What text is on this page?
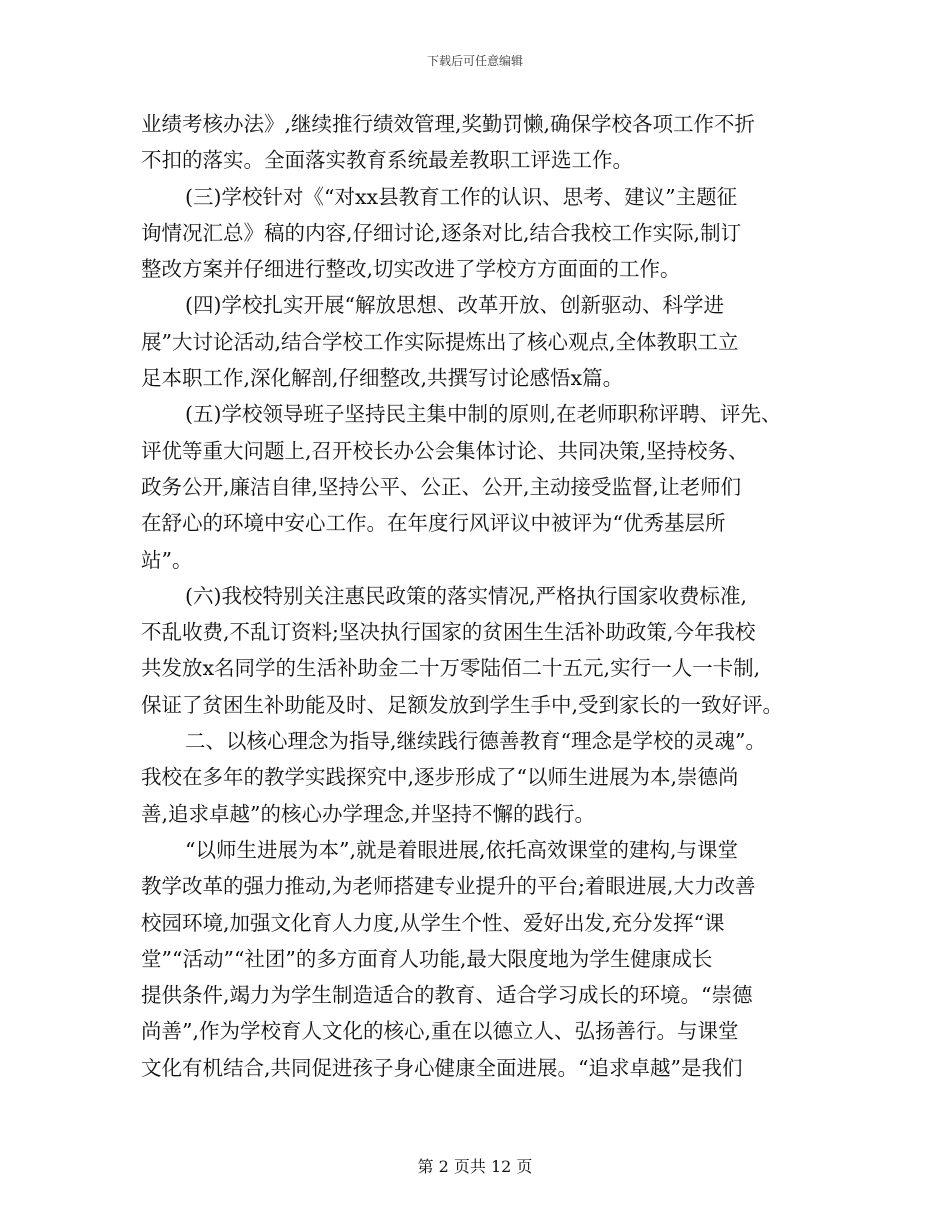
下载后可任意编辑
业绩考核办法》,继续推行绩效管理,奖勤罚懒,确保学校各项工作不折
不扣的落实。全面落实教育系统最差教职工评选工作。
(三)学校针对《“对xx县教育工作的认识、思考、建议”主题征
询情况汇总》稿的内容,仔细讨论,逐条对比,结合我校工作实际,制订
整改方案并仔细进行整改,切实改进了学校方方面面的工作。
(四)学校扎实开展“解放思想、改革开放、创新驱动、科学进
展”大讨论活动,结合学校工作实际提炼出了核心观点,全体教职工立
足本职工作,深化解剖,仔细整改,共撰写讨论感悟x篇。
(五)学校领导班子坚持民主集中制的原则,在老师职称评聘、评先、
评优等重大问题上,召开校长办公会集体讨论、共同决策,坚持校务、
政务公开,廉洁自律,坚持公平、公正、公开,主动接受监督,让老师们
在舒心的环境中安心工作。在年度行风评议中被评为“优秀基层所
站”。
(六)我校特别关注惠民政策的落实情况,严格执行国家收费标准,
不乱收费,不乱订资料;坚决执行国家的贫困生生活补助政策,今年我校
共发放x名同学的生活补助金二十万零陆佰二十五元,实行一人一卡制,
保证了贫困生补助能及时、足额发放到学生手中,受到家长的一致好评。
二、以核心理念为指导,继续践行德善教育“理念是学校的灵魂”。
我校在多年的教学实践探究中,逐步形成了“以师生进展为本,崇德尚
善,追求卓越”的核心办学理念,并坚持不懈的践行。
“以师生进展为本”,就是着眼进展,依托高效课堂的建构,与课堂
教学改革的强力推动,为老师搭建专业提升的平台;着眼进展,大力改善
校园环境,加强文化育人力度,从学生个性、爱好出发,充分发挥“课
堂”“活动”“社团”的多方面育人功能,最大限度地为学生健康成长
提供条件,竭力为学生制造适合的教育、适合学习成长的环境。“崇德
尚善”,作为学校育人文化的核心,重在以德立人、弘扬善行。与课堂
文化有机结合,共同促进孩子身心健康全面进展。“追求卓越”是我们
第 2 页共 12 页
